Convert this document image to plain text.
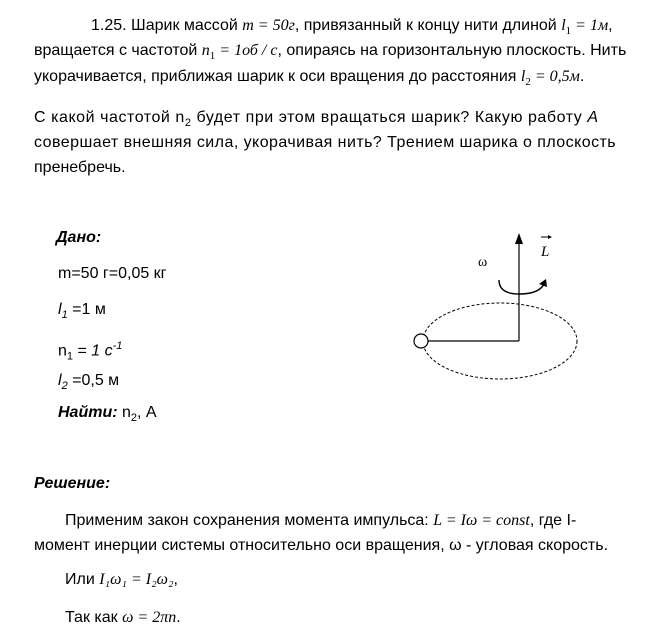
1.25. Шарик массой m = 50г, привязанный к концу нити длиной $l_1 = 1м$,
вращается с частотой $n_1 = 1об / с$, опираясь на горизонтальную плоскость. Нить
укорачивается, приближая шарик к оси вращения до расстояния $l_2 = 0,5м$.
С какой частотой $n_2$ будет при этом вращаться шарик? Какую работу А
совершает внешняя сила, укорачивая нить? Трением шарика о плоскость
пренебречь.
Дано:
m=50 г=0,05 кг
$l_1 =1$ м
$n_1 = 1$ $с^{-1}$
$l_2 =0,5$ м
Найти: $n_2$, А
ω
L
Решение:
Применим закон сохранения момента импульса: L = Iω = const, где I-
момент инерции системы относительно оси вращения, ω - угловая скорость.
Или I₁ω₁ = I₂ω₂,
Так как ω = 2πn.
